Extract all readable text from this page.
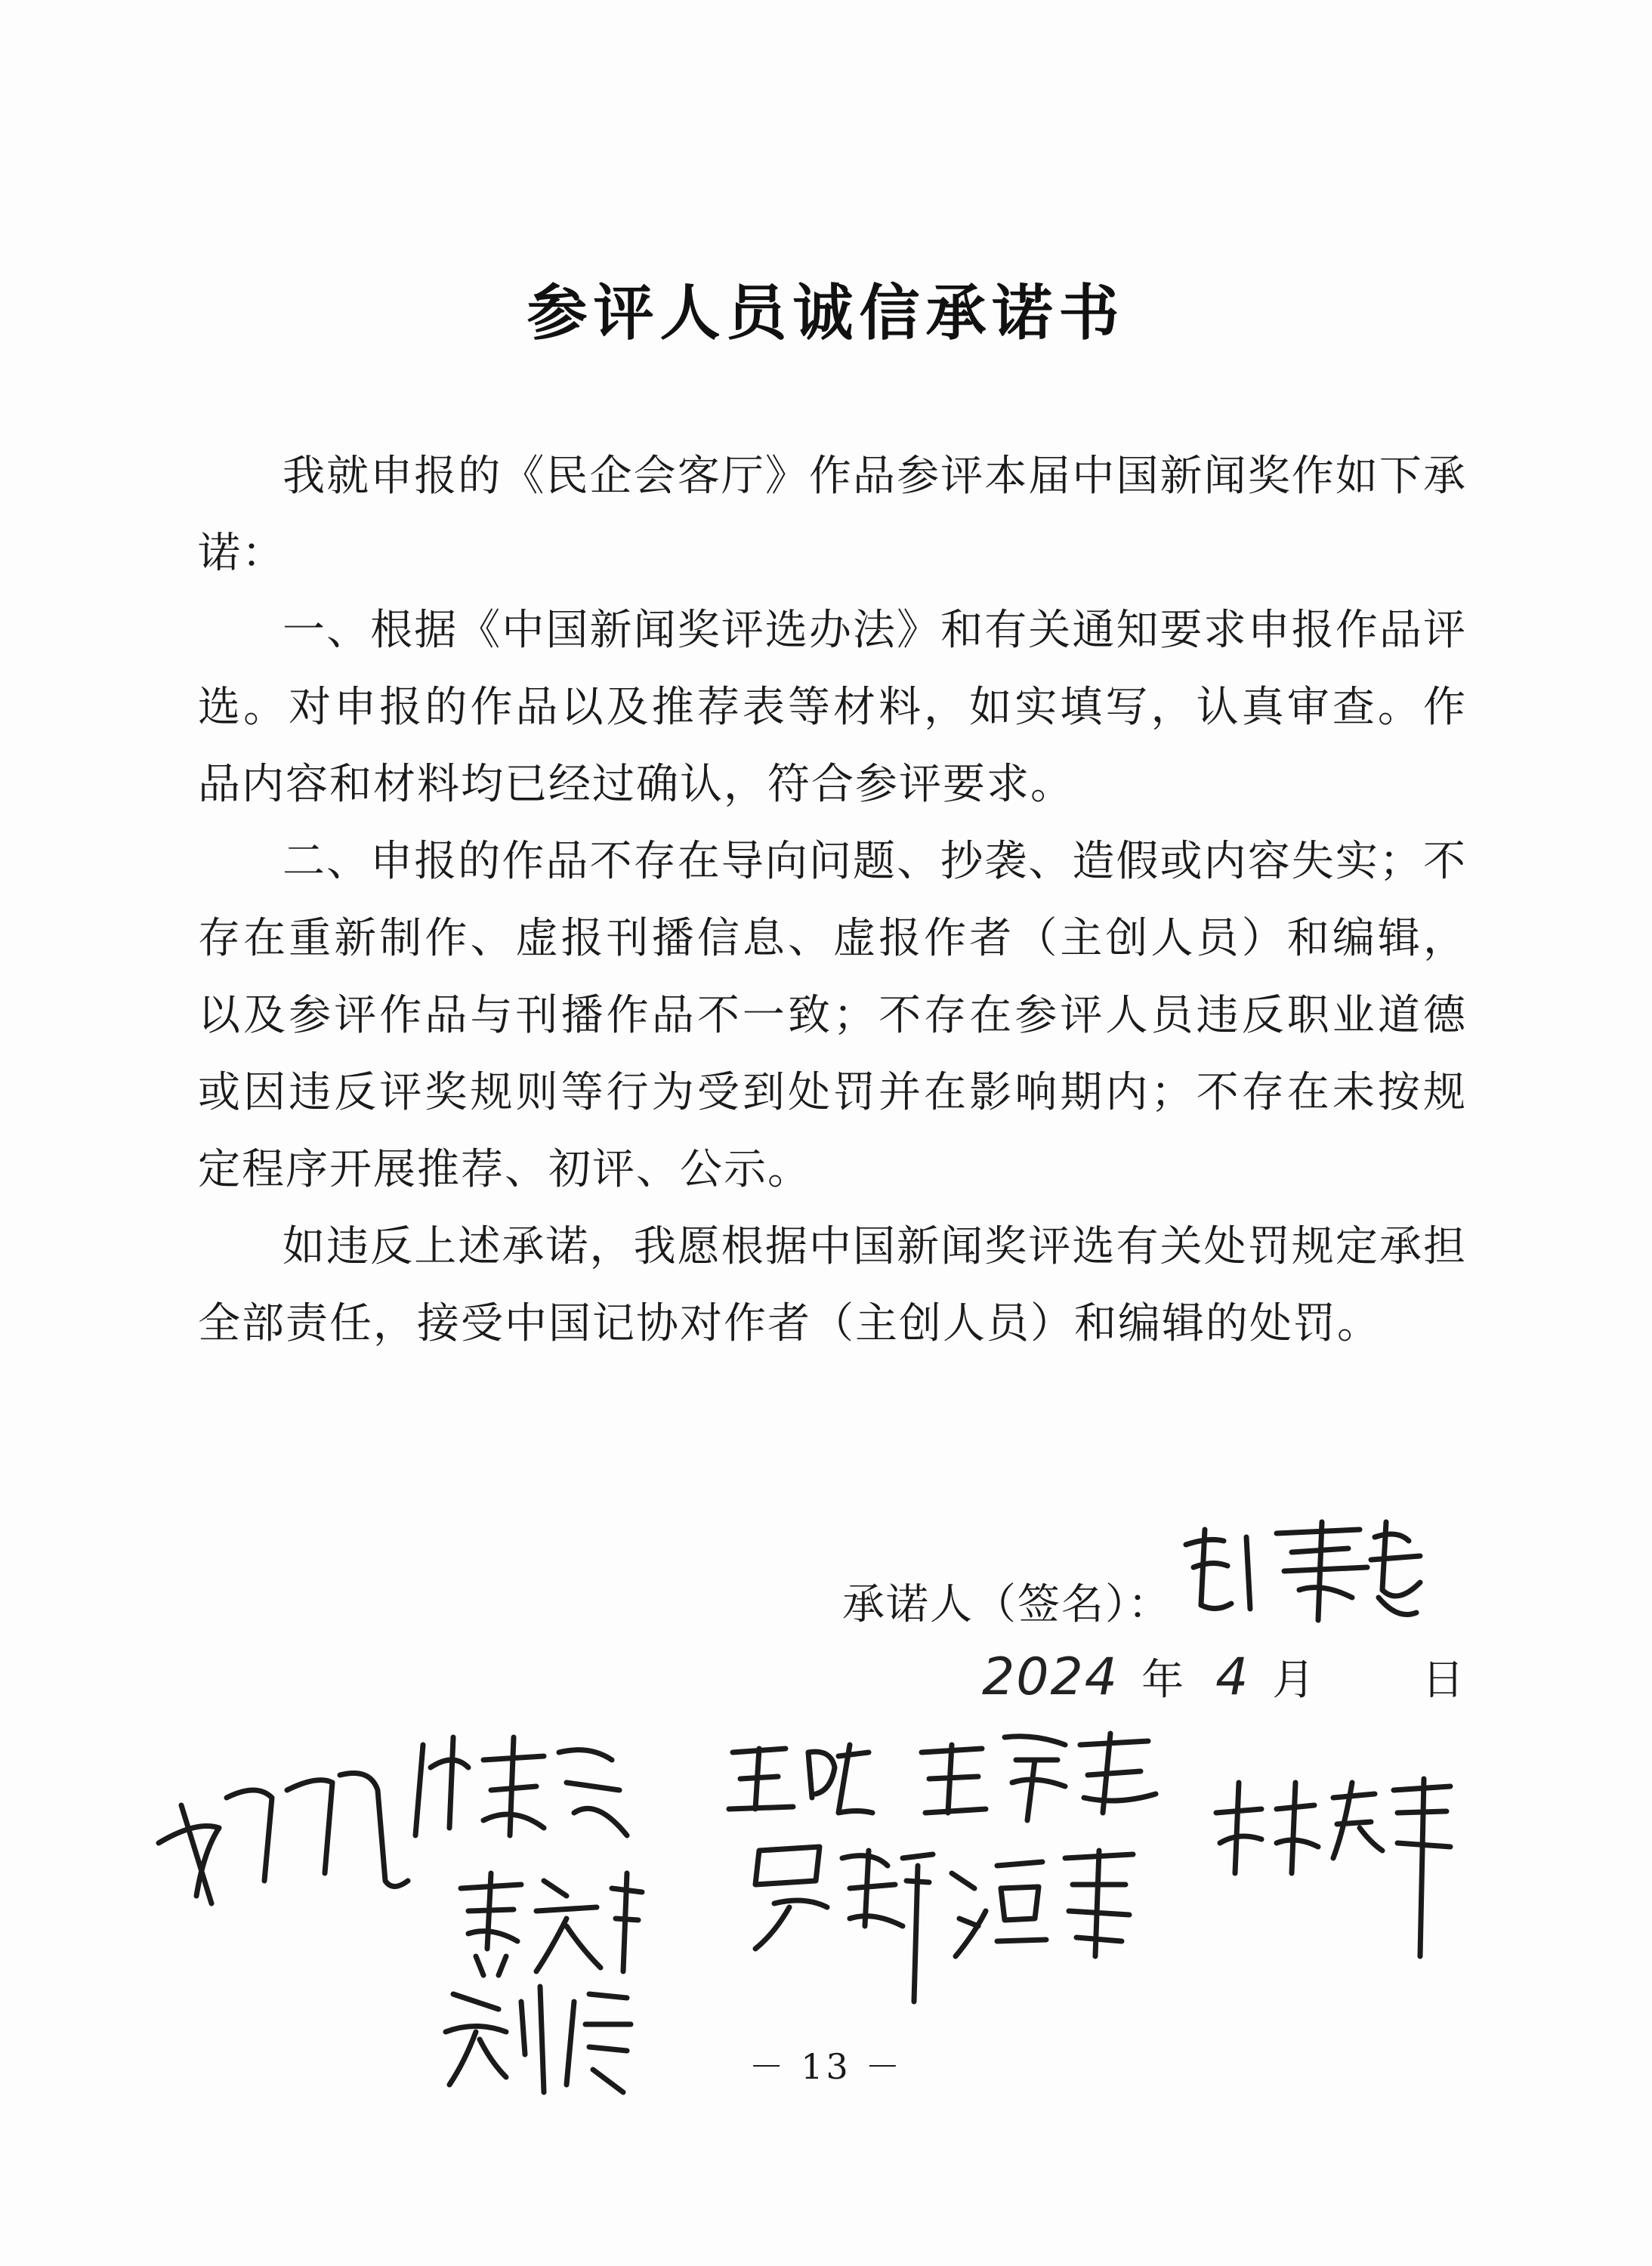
参评人员诚信承诺书

我就申报的《民企会客厅》作品参评本届中国新闻奖作如下承诺：

一、根据《中国新闻奖评选办法》和有关通知要求申报作品评选。对申报的作品以及推荐表等材料，如实填写，认真审查。作品内容和材料均已经过确认，符合参评要求。

二、申报的作品不存在导向问题、抄袭、造假或内容失实；不存在重新制作、虚报刊播信息、虚报作者（主创人员）和编辑，以及参评作品与刊播作品不一致；不存在参评人员违反职业道德或因违反评奖规则等行为受到处罚并在影响期内；不存在未按规定程序开展推荐、初评、公示。

如违反上述承诺，我愿根据中国新闻奖评选有关处罚规定承担全部责任，接受中国记协对作者（主创人员）和编辑的处罚。

承诺人（签名）：
2024 年 4 月	日
－ 13 －
